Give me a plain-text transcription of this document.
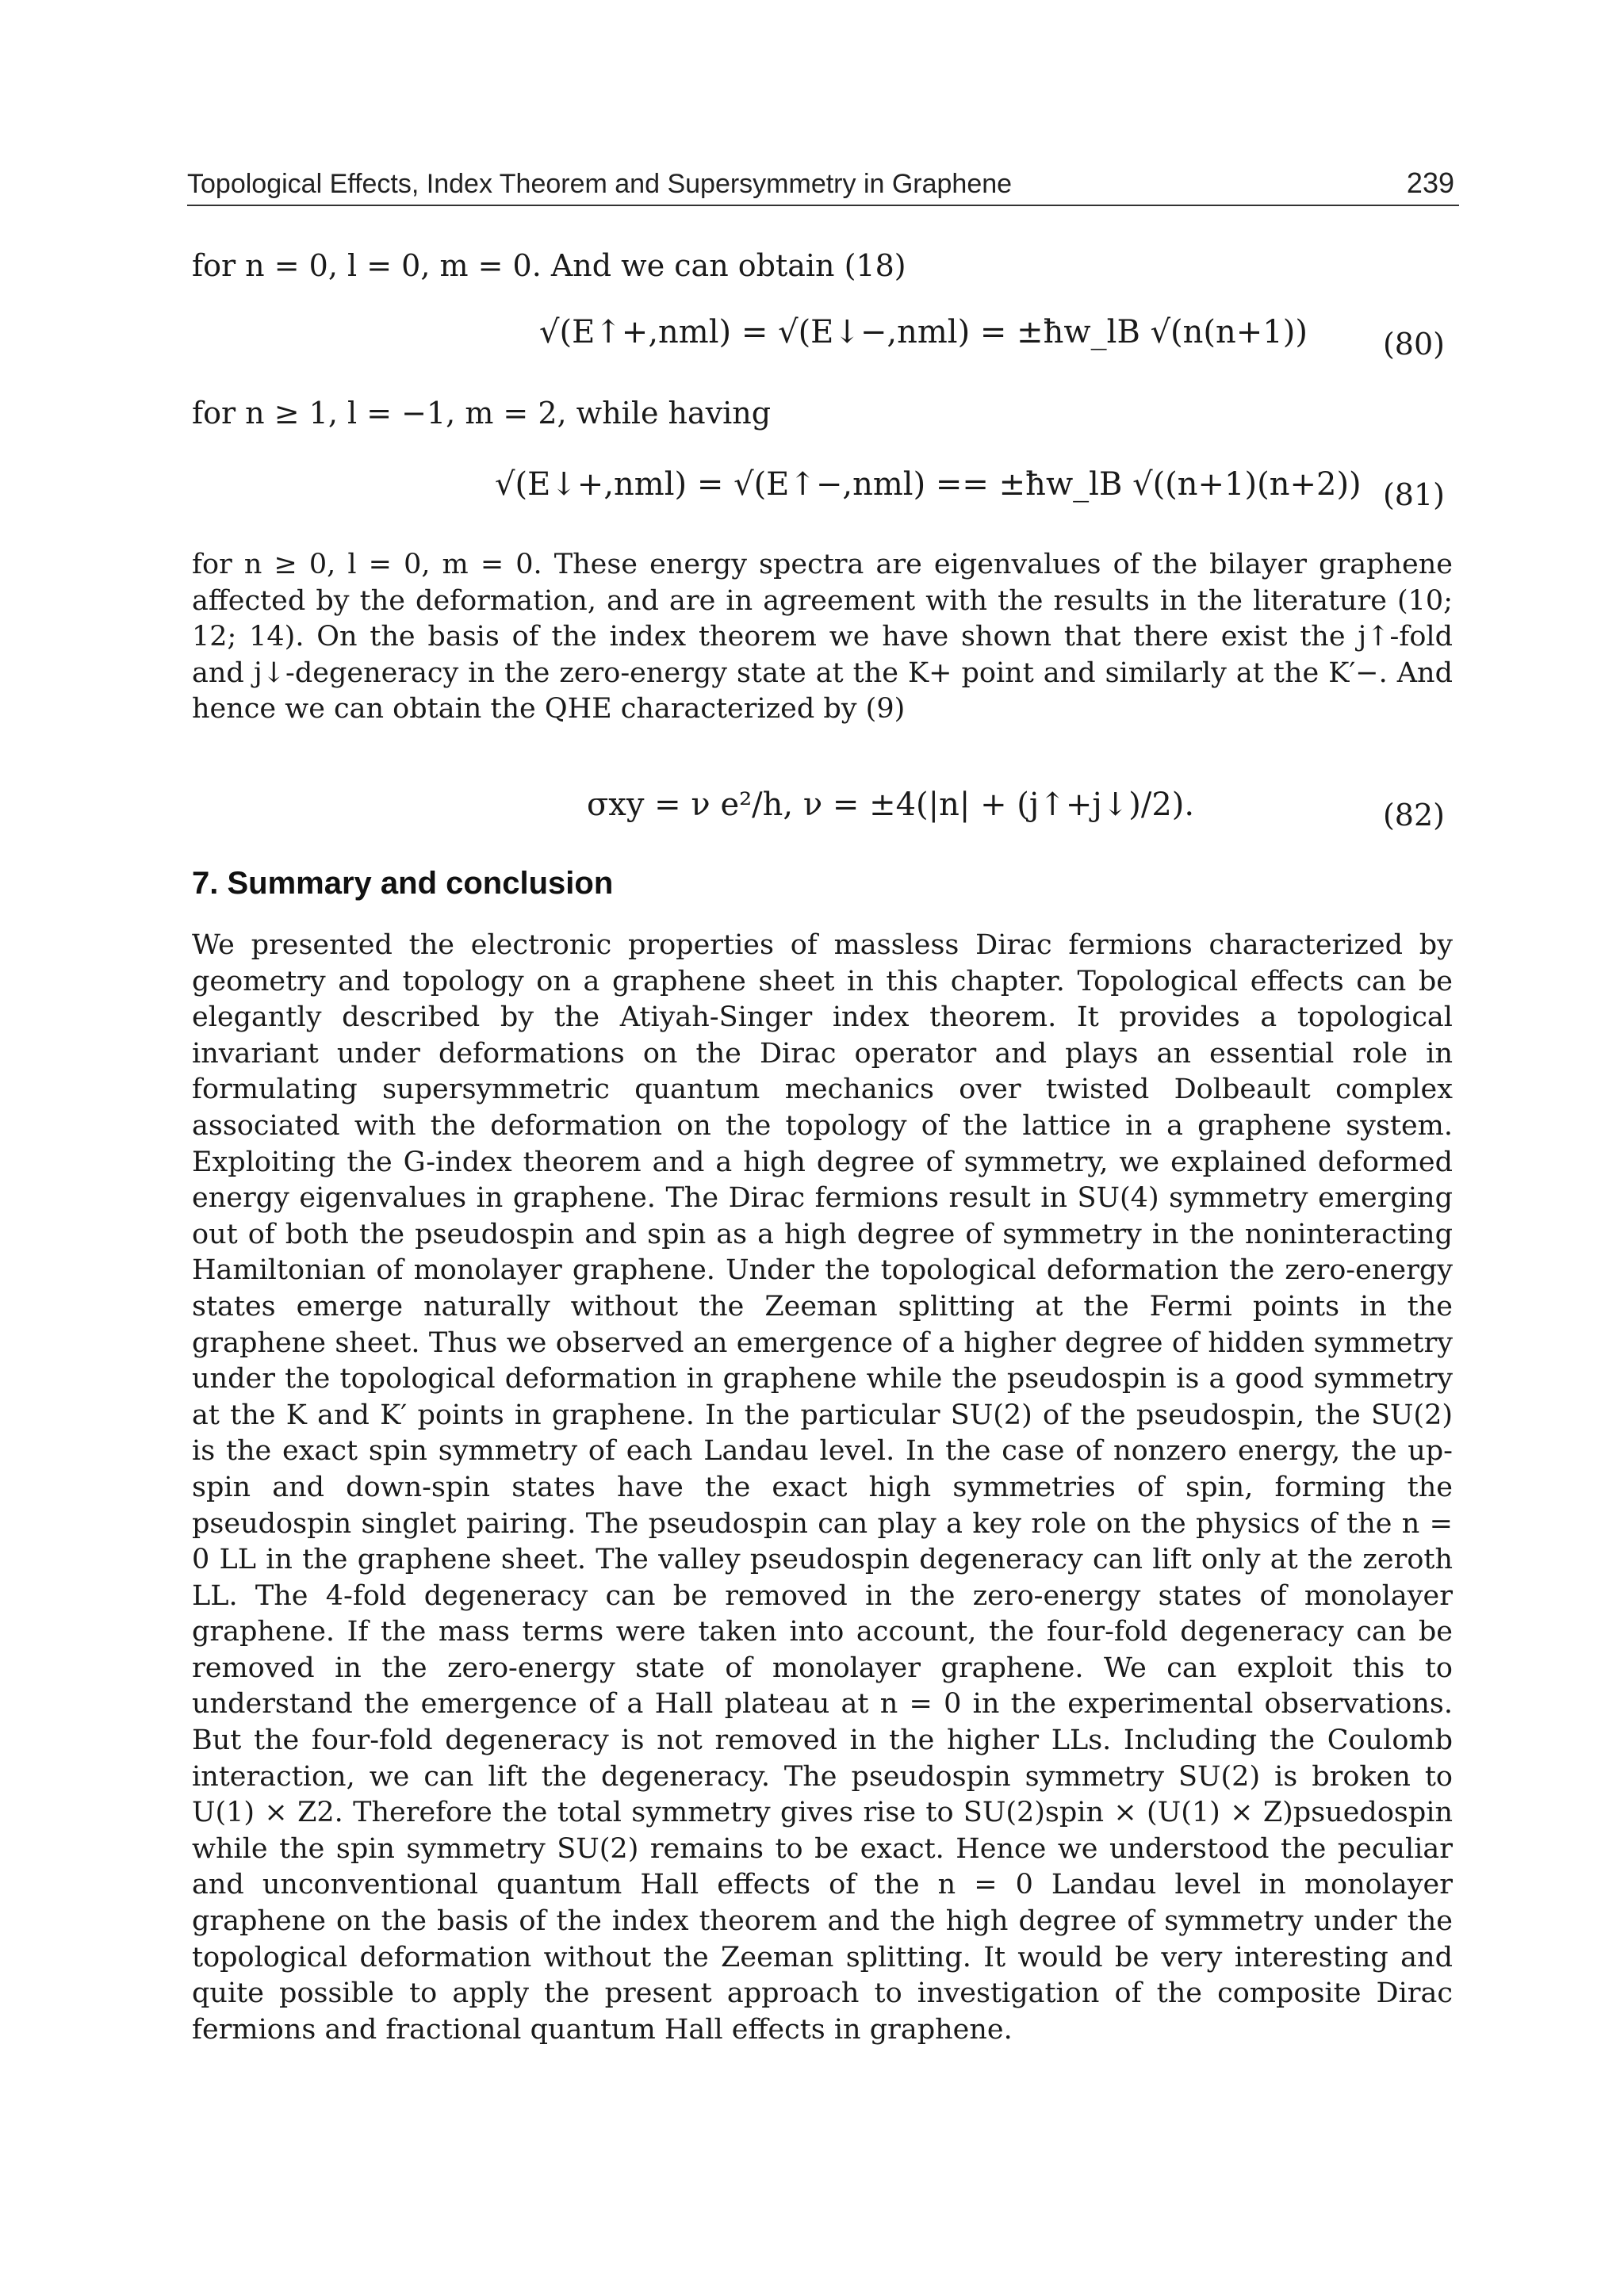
Topological Effects, Index Theorem and Supersymmetry in Graphene	239
for n = 0, l = 0, m = 0. And we can obtain (18)
√(E↑+,nml) = √(E↓−,nml) = ±ħw_lB √(n(n+1))	(80)
for n ≥ 1, l = −1, m = 2, while having
√(E↓+,nml) = √(E↑−,nml) == ±ħw_lB √((n+1)(n+2)) (81)

for n ≥ 0, l = 0, m = 0. These energy spectra are eigenvalues of the bilayer graphene affected by the deformation, and are in agreement with the results in the literature (10; 12; 14). On the basis of the index theorem we have shown that there exist the j↑-fold and j↓-degeneracy in the zero-energy state at the K+ point and similarly at the K′−. And hence we can obtain the QHE characterized by (9)

σxy = ν e²/h, ν = ±4(|n| + (j↑+j↓)/2).	(82)
7. Summary and conclusion

We presented the electronic properties of massless Dirac fermions characterized by geometry and topology on a graphene sheet in this chapter. Topological effects can be elegantly described by the Atiyah-Singer index theorem. It provides a topological invariant under deformations on the Dirac operator and plays an essential role in formulating supersymmetric quantum mechanics over twisted Dolbeault complex associated with the deformation on the topology of the lattice in a graphene system. Exploiting the G-index theorem and a high degree of symmetry, we explained deformed energy eigenvalues in graphene. The Dirac fermions result in SU(4) symmetry emerging out of both the pseudospin and spin as a high degree of symmetry in the noninteracting Hamiltonian of monolayer graphene. Under the topological deformation the zero-energy states emerge naturally without the Zeeman splitting at the Fermi points in the graphene sheet. Thus we observed an emergence of a higher degree of hidden symmetry under the topological deformation in graphene while the pseudospin is a good symmetry at the K and K′ points in graphene. In the particular SU(2) of the pseudospin, the SU(2) is the exact spin symmetry of each Landau level. In the case of nonzero energy, the up-spin and down-spin states have the exact high symmetries of spin, forming the pseudospin singlet pairing. The pseudospin can play a key role on the physics of the n = 0 LL in the graphene sheet. The valley pseudospin degeneracy can lift only at the zeroth LL. The 4-fold degeneracy can be removed in the zero-energy states of monolayer graphene. If the mass terms were taken into account, the four-fold degeneracy can be removed in the zero-energy state of monolayer graphene. We can exploit this to understand the emergence of a Hall plateau at n = 0 in the experimental observations. But the four-fold degeneracy is not removed in the higher LLs. Including the Coulomb interaction, we can lift the degeneracy. The pseudospin symmetry SU(2) is broken to U(1) × Z2. Therefore the total symmetry gives rise to SU(2)spin × (U(1) × Z)psuedospin while the spin symmetry SU(2) remains to be exact. Hence we understood the peculiar and unconventional quantum Hall effects of the n = 0 Landau level in monolayer graphene on the basis of the index theorem and the high degree of symmetry under the topological deformation without the Zeeman splitting. It would be very interesting and quite possible to apply the present approach to investigation of the composite Dirac fermions and fractional quantum Hall effects in graphene.
